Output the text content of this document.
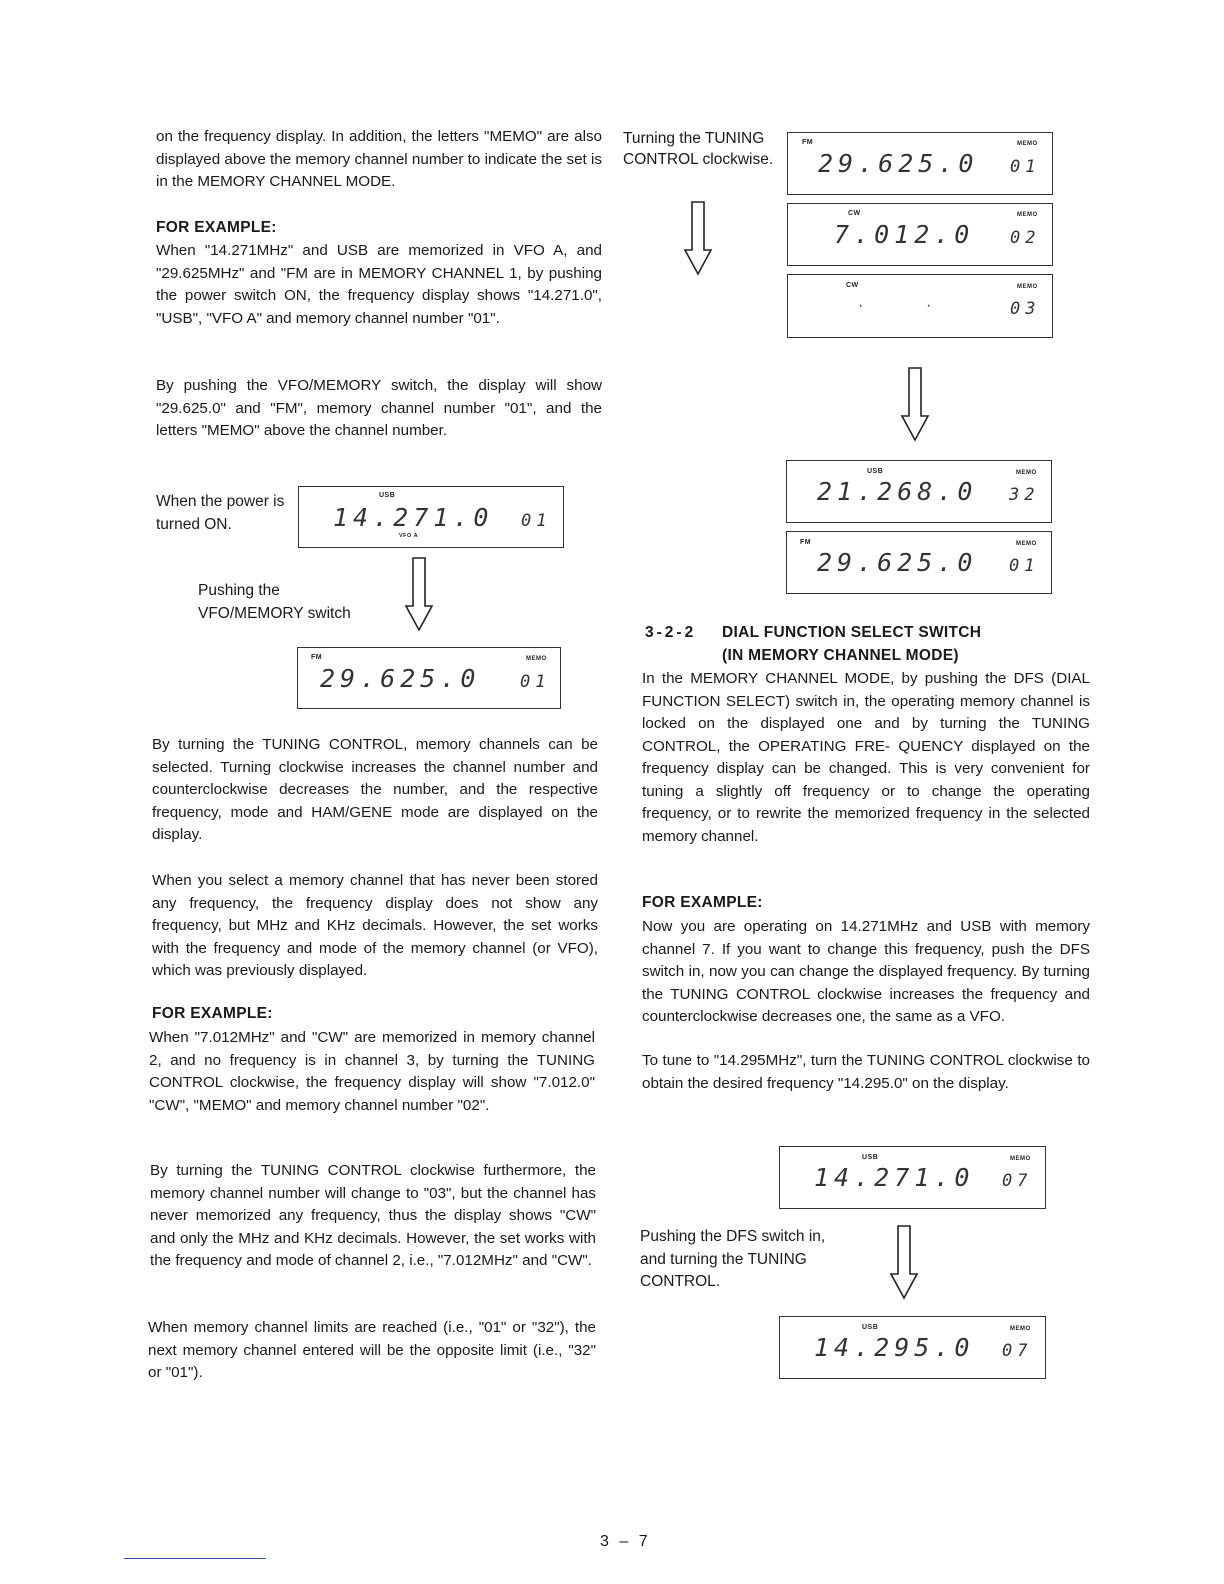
on the frequency display. In addition, the letters "MEMO" are also displayed above the memory channel number to indicate the set is in the MEMORY CHANNEL MODE.

FOR EXAMPLE:

When "14.271MHz" and USB are memorized in VFO A, and "29.625MHz" and "FM are in MEMORY CHANNEL 1, by pushing the power switch ON, the frequency display shows "14.271.0", "USB", "VFO A" and memory channel number "01".

By pushing the VFO/MEMORY switch, the display will show "29.625.0" and "FM", memory channel number "01", and the letters "MEMO" above the channel number.

When the power is turned ON.

USB
14.271.0
VFO A
01

Pushing the VFO/MEMORY switch

FM	MEMO
29.625.0 01

By turning the TUNING CONTROL, memory channels can be selected. Turning clockwise increases the channel number and counterclockwise decreases the number, and the respective frequency, mode and HAM/GENE mode are displayed on the display.

When you select a memory channel that has never been stored any frequency, the frequency display does not show any frequency, but MHz and KHz decimals. However, the set works with the frequency and mode of the memory channel (or VFO), which was previously displayed.

FOR EXAMPLE:

When "7.012MHz" and "CW" are memorized in memory channel 2, and no frequency is in channel 3, by turning the TUNING CONTROL clockwise, the frequency display will show "7.012.0" "CW", "MEMO" and memory channel number "02".

By turning the TUNING CONTROL clockwise furthermore, the memory channel number will change to "03", but the channel has never memorized any frequency, thus the display shows "CW" and only the MHz and KHz decimals. However, the set works with the frequency and mode of channel 2, i.e., "7.012MHz" and "CW".

When memory channel limits are reached (i.e., "01" or "32"), the next memory channel entered will be the opposite limit (i.e., "32" or "01").

Turning the TUNING CONTROL clockwise.

FM	MEMO
29.625.0 01
CW	MEMO
7.012.0 02
CW	MEMO
·	·	03
USB	MEMO
21.268.0 32
FM	MEMO
29.625.0 01

3-2-2 DIAL FUNCTION SELECT SWITCH

(IN MEMORY CHANNEL MODE)

In the MEMORY CHANNEL MODE, by pushing the DFS (DIAL FUNCTION SELECT) switch in, the operating memory channel is locked on the displayed one and by turning the TUNING CONTROL, the OPERATING FRE- QUENCY displayed on the frequency display can be changed. This is very convenient for tuning a slightly off frequency or to change the operating frequency, or to rewrite the memorized frequency in the selected memory channel.

FOR EXAMPLE:

Now you are operating on 14.271MHz and USB with memory channel 7. If you want to change this frequency, push the DFS switch in, now you can change the displayed frequency. By turning the TUNING CONTROL clockwise increases the frequency and counterclockwise decreases one, the same as a VFO.

To tune to "14.295MHz", turn the TUNING CONTROL clockwise to obtain the desired frequency "14.295.0" on the display.

USB	MEMO
14.271.0 07

Pushing the DFS switch in, and turning the TUNING CONTROL.

USB	MEMO
14.295.0 07
3 – 7
